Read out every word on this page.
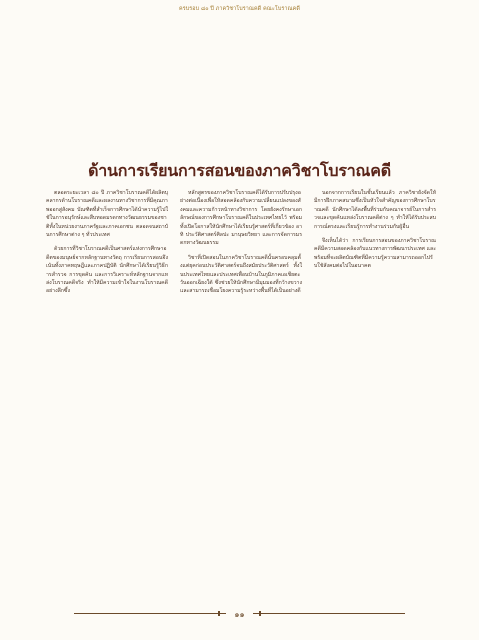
ครบรอบ ๘๐ ปี ภาควิชาโบราณคดี คณะโบราณคดี
ด้านการเรียนการสอนของภาควิชาโบราณคดี

ตลอดระยะเวลา ๘๐ ปี ภาควิชาโบราณคดีได้ผลิตบุคลากรด้านโบราณคดีและผลงานทางวิชาการที่มีคุณภาพออกสู่สังคม บัณฑิตที่สำเร็จการศึกษาได้นำความรู้ไปใช้ในการอนุรักษ์และสืบทอดมรดกทางวัฒนธรรมของชาติทั้งในหน่วยงานภาครัฐและภาคเอกชน ตลอดจนสถาบันการศึกษาต่าง ๆ ทั่วประเทศ

ด้วยการที่วิชาโบราณคดีเป็นศาสตร์แห่งการศึกษาอดีตของมนุษย์จากหลักฐานทางวัตถุ การเรียนการสอนจึงเน้นทั้งภาคทฤษฎีและภาคปฏิบัติ นักศึกษาได้เรียนรู้วิธีการสำรวจ การขุดค้น และการวิเคราะห์หลักฐานจากแหล่งโบราณคดีจริง ทำให้มีความเข้าใจในงานโบราณคดีอย่างลึกซึ้ง

หลักสูตรของภาควิชาโบราณคดีได้รับการปรับปรุงอย่างต่อเนื่องเพื่อให้สอดคล้องกับความเปลี่ยนแปลงของสังคมและความก้าวหน้าทางวิชาการ โดยยังคงรักษาเอกลักษณ์ของการศึกษาโบราณคดีในประเทศไทยไว้ พร้อมทั้งเปิดโอกาสให้นักศึกษาได้เรียนรู้ศาสตร์ที่เกี่ยวข้อง อาทิ ประวัติศาสตร์ศิลปะ มานุษยวิทยา และการจัดการมรดกทางวัฒนธรรม

วิชาที่เปิดสอนในภาควิชาโบราณคดีนั้นครอบคลุมตั้งแต่ยุคก่อนประวัติศาสตร์จนถึงสมัยประวัติศาสตร์ ทั้งในประเทศไทยและประเทศเพื่อนบ้านในภูมิภาคเอเชียตะวันออกเฉียงใต้ ซึ่งช่วยให้นักศึกษามีมุมมองที่กว้างขวางและสามารถเชื่อมโยงความรู้ระหว่างพื้นที่ได้เป็นอย่างดี

นอกจากการเรียนในชั้นเรียนแล้ว ภาควิชายังจัดให้มีการฝึกภาคสนามซึ่งเป็นหัวใจสำคัญของการศึกษาโบราณคดี นักศึกษาได้ลงพื้นที่ร่วมกับคณาจารย์ในการสำรวจและขุดค้นแหล่งโบราณคดีต่าง ๆ ทำให้ได้รับประสบการณ์ตรงและเรียนรู้การทำงานร่วมกับผู้อื่น

จึงเห็นได้ว่า การเรียนการสอนของภาควิชาโบราณคดีมีความสอดคล้องกับแนวทางการพัฒนาประเทศ และพร้อมที่จะผลิตบัณฑิตที่มีความรู้ความสามารถออกไปรับใช้สังคมต่อไปในอนาคต

๑๑
